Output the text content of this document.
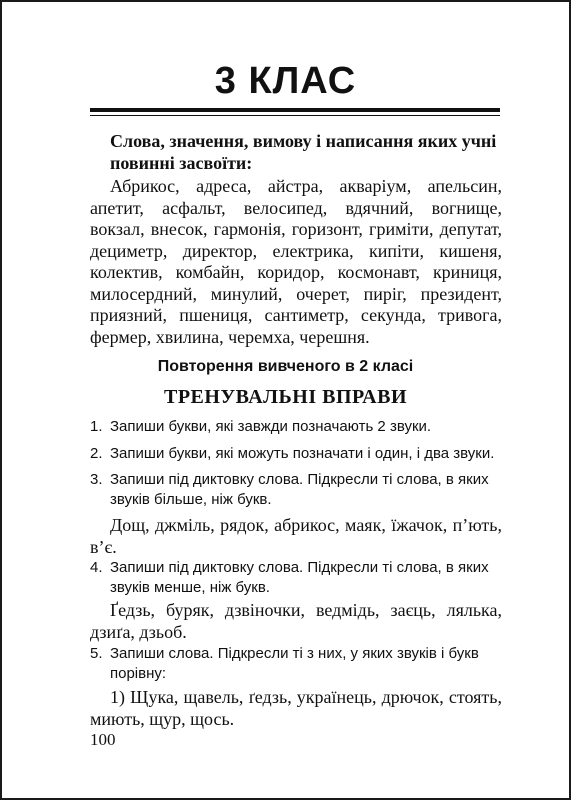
3 КЛАС

Слова, значення, вимову і написання яких учні повинні засвоїти:

Абрикос, адреса, айстра, акваріум, апельсин, апетит, асфальт, велосипед, вдячний, вогнище, вокзал, внесок, гармонія, горизонт, гриміти, депутат, дециметр, директор, електрика, кипіти, кишеня, колектив, комбайн, коридор, космонавт, криниця, милосердний, минулий, очерет, пиріг, президент, приязний, пшениця, сантиметр, секунда, тривога, фермер, хвилина, черемха, черешня.

Повторення вивченого в 2 класі
ТРЕНУВАЛЬНІ ВПРАВИ
1. Запиши букви, які завжди позначають 2 звуки.
2. Запиши букви, які можуть позначати і один, і два звуки.
3. Запиши під диктовку слова. Підкресли ті слова, в яких звуків більше, ніж букв.

Дощ, джміль, рядок, абрикос, маяк, їжачок, п’ють, в’є.

4. Запиши під диктовку слова. Підкресли ті слова, в яких звуків менше, ніж букв.

Ґедзь, буряк, дзвіночки, ведмідь, заєць, лялька, дзиґа, дзьоб.

5. Запиши слова. Підкресли ті з них, у яких звуків і букв порівну:

1) Щука, щавель, ґедзь, українець, дрючок, стоять, миють, щур, щось.

100
